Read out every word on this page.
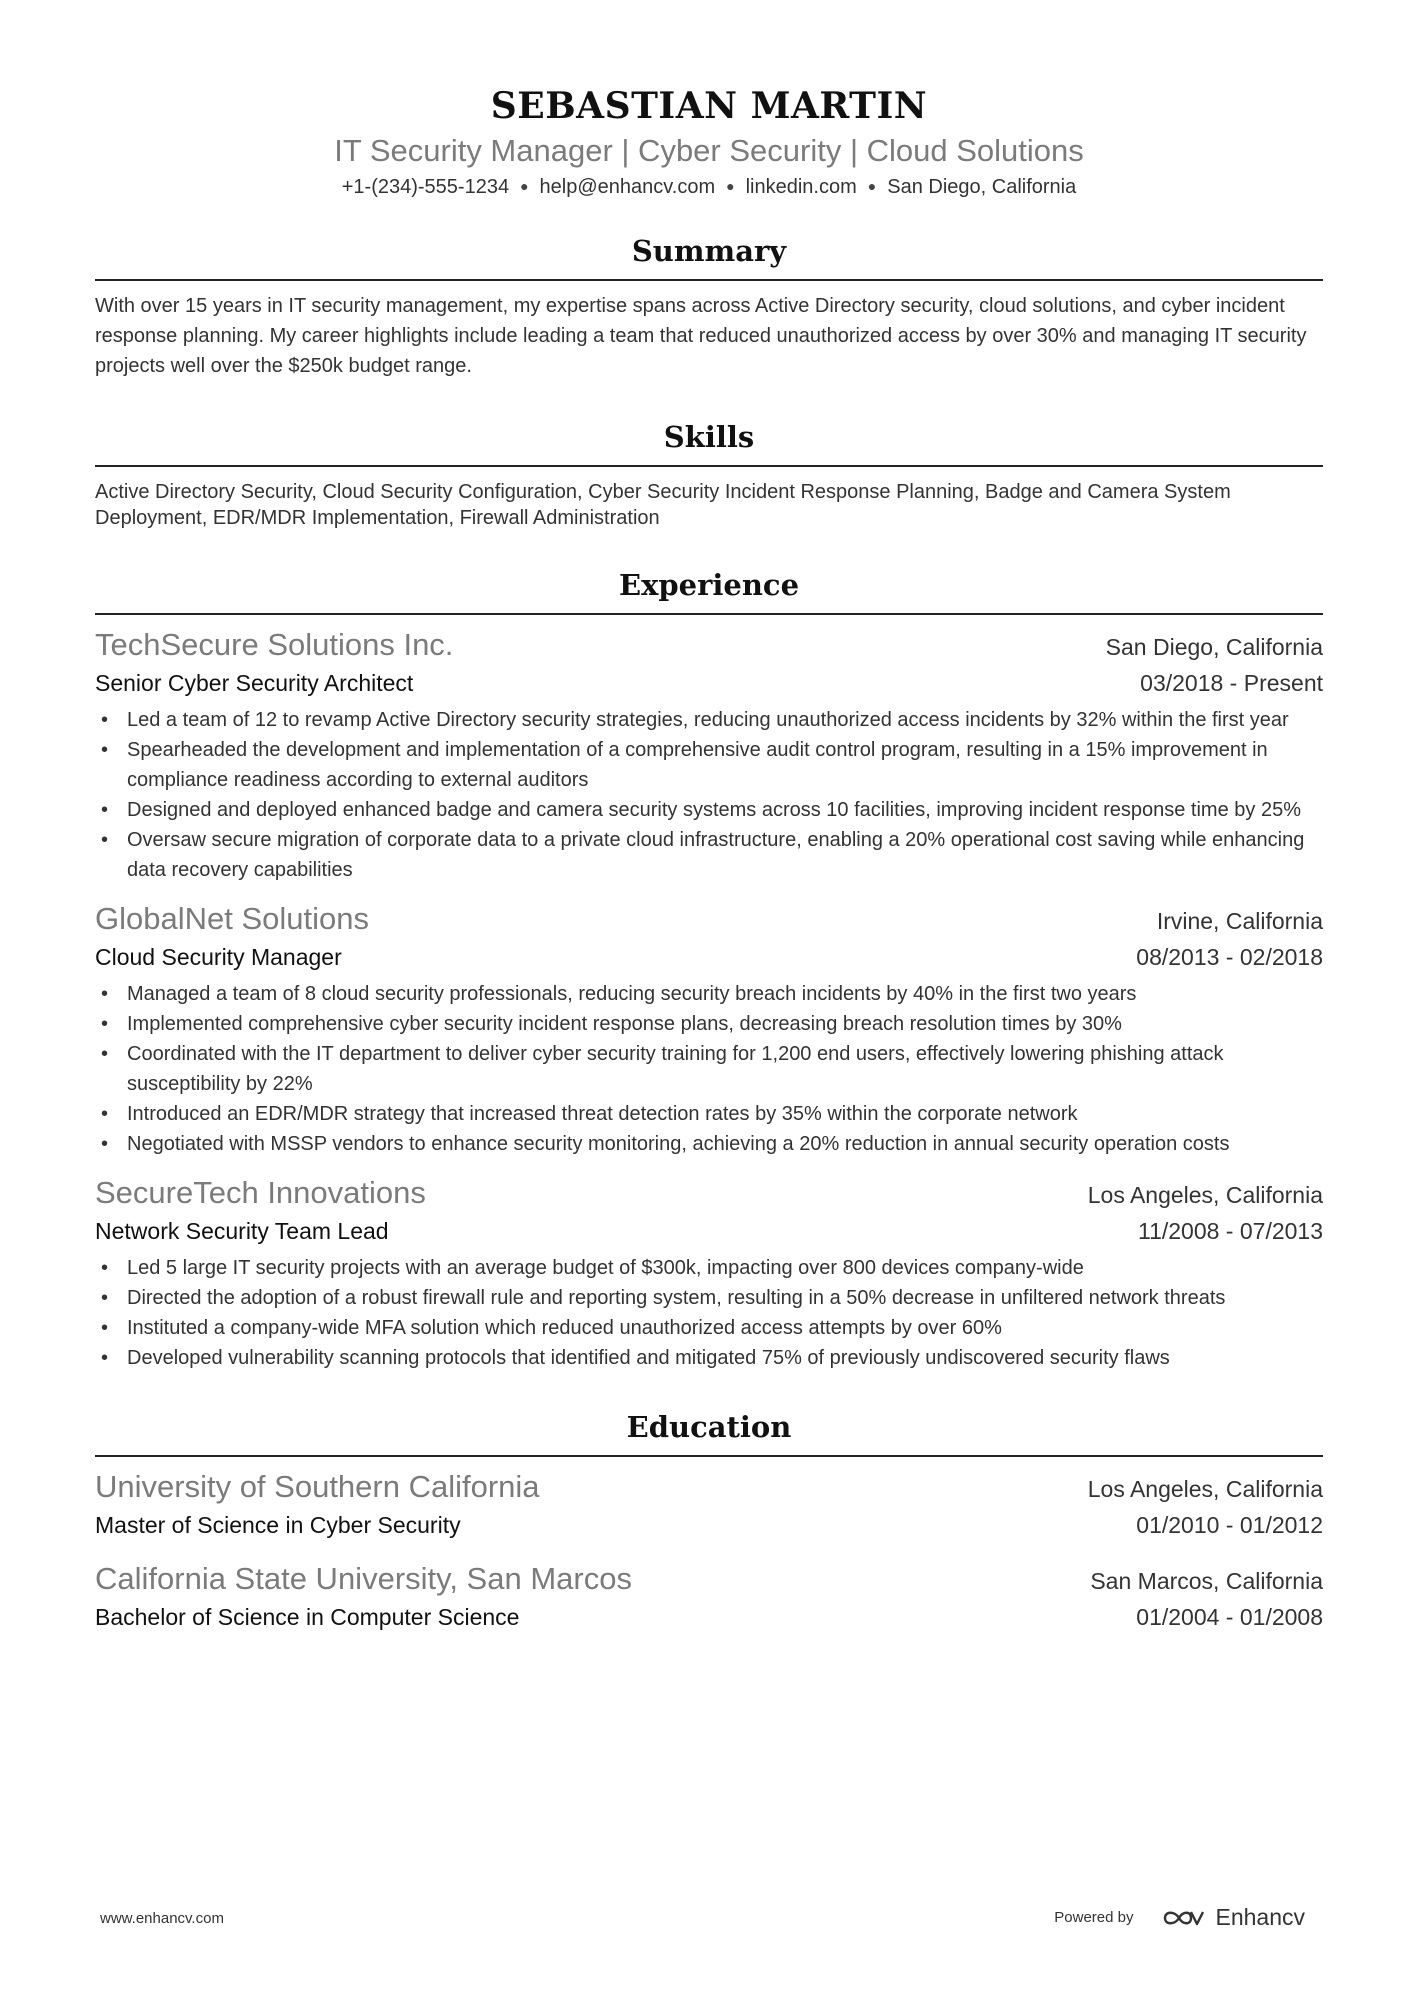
SEBASTIAN MARTIN
IT Security Manager | Cyber Security | Cloud Solutions
+1-(234)-555-1234 ● help@enhancv.com ● linkedin.com ● San Diego, California
Summary
With over 15 years in IT security management, my expertise spans across Active Directory security, cloud solutions, and cyber incident response planning. My career highlights include leading a team that reduced unauthorized access by over 30% and managing IT security projects well over the $250k budget range.
Skills
Active Directory Security, Cloud Security Configuration, Cyber Security Incident Response Planning, Badge and Camera System Deployment, EDR/MDR Implementation, Firewall Administration
Experience
TechSecure Solutions Inc.	San Diego, California
Senior Cyber Security Architect	03/2018 - Present
• Led a team of 12 to revamp Active Directory security strategies, reducing unauthorized access incidents by 32% within the first year
• Spearheaded the development and implementation of a comprehensive audit control program, resulting in a 15% improvement in compliance readiness according to external auditors
• Designed and deployed enhanced badge and camera security systems across 10 facilities, improving incident response time by 25%
• Oversaw secure migration of corporate data to a private cloud infrastructure, enabling a 20% operational cost saving while enhancing data recovery capabilities
GlobalNet Solutions	Irvine, California
Cloud Security Manager	08/2013 - 02/2018
• Managed a team of 8 cloud security professionals, reducing security breach incidents by 40% in the first two years
• Implemented comprehensive cyber security incident response plans, decreasing breach resolution times by 30%
• Coordinated with the IT department to deliver cyber security training for 1,200 end users, effectively lowering phishing attack susceptibility by 22%
• Introduced an EDR/MDR strategy that increased threat detection rates by 35% within the corporate network
• Negotiated with MSSP vendors to enhance security monitoring, achieving a 20% reduction in annual security operation costs
SecureTech Innovations	Los Angeles, California
Network Security Team Lead	11/2008 - 07/2013
• Led 5 large IT security projects with an average budget of $300k, impacting over 800 devices company-wide
• Directed the adoption of a robust firewall rule and reporting system, resulting in a 50% decrease in unfiltered network threats
• Instituted a company-wide MFA solution which reduced unauthorized access attempts by over 60%
• Developed vulnerability scanning protocols that identified and mitigated 75% of previously undiscovered security flaws
Education
University of Southern California	Los Angeles, California
Master of Science in Cyber Security	01/2010 - 01/2012
California State University, San Marcos	San Marcos, California
Bachelor of Science in Computer Science	01/2004 - 01/2008
www.enhancv.com	Powered by	Enhancv
